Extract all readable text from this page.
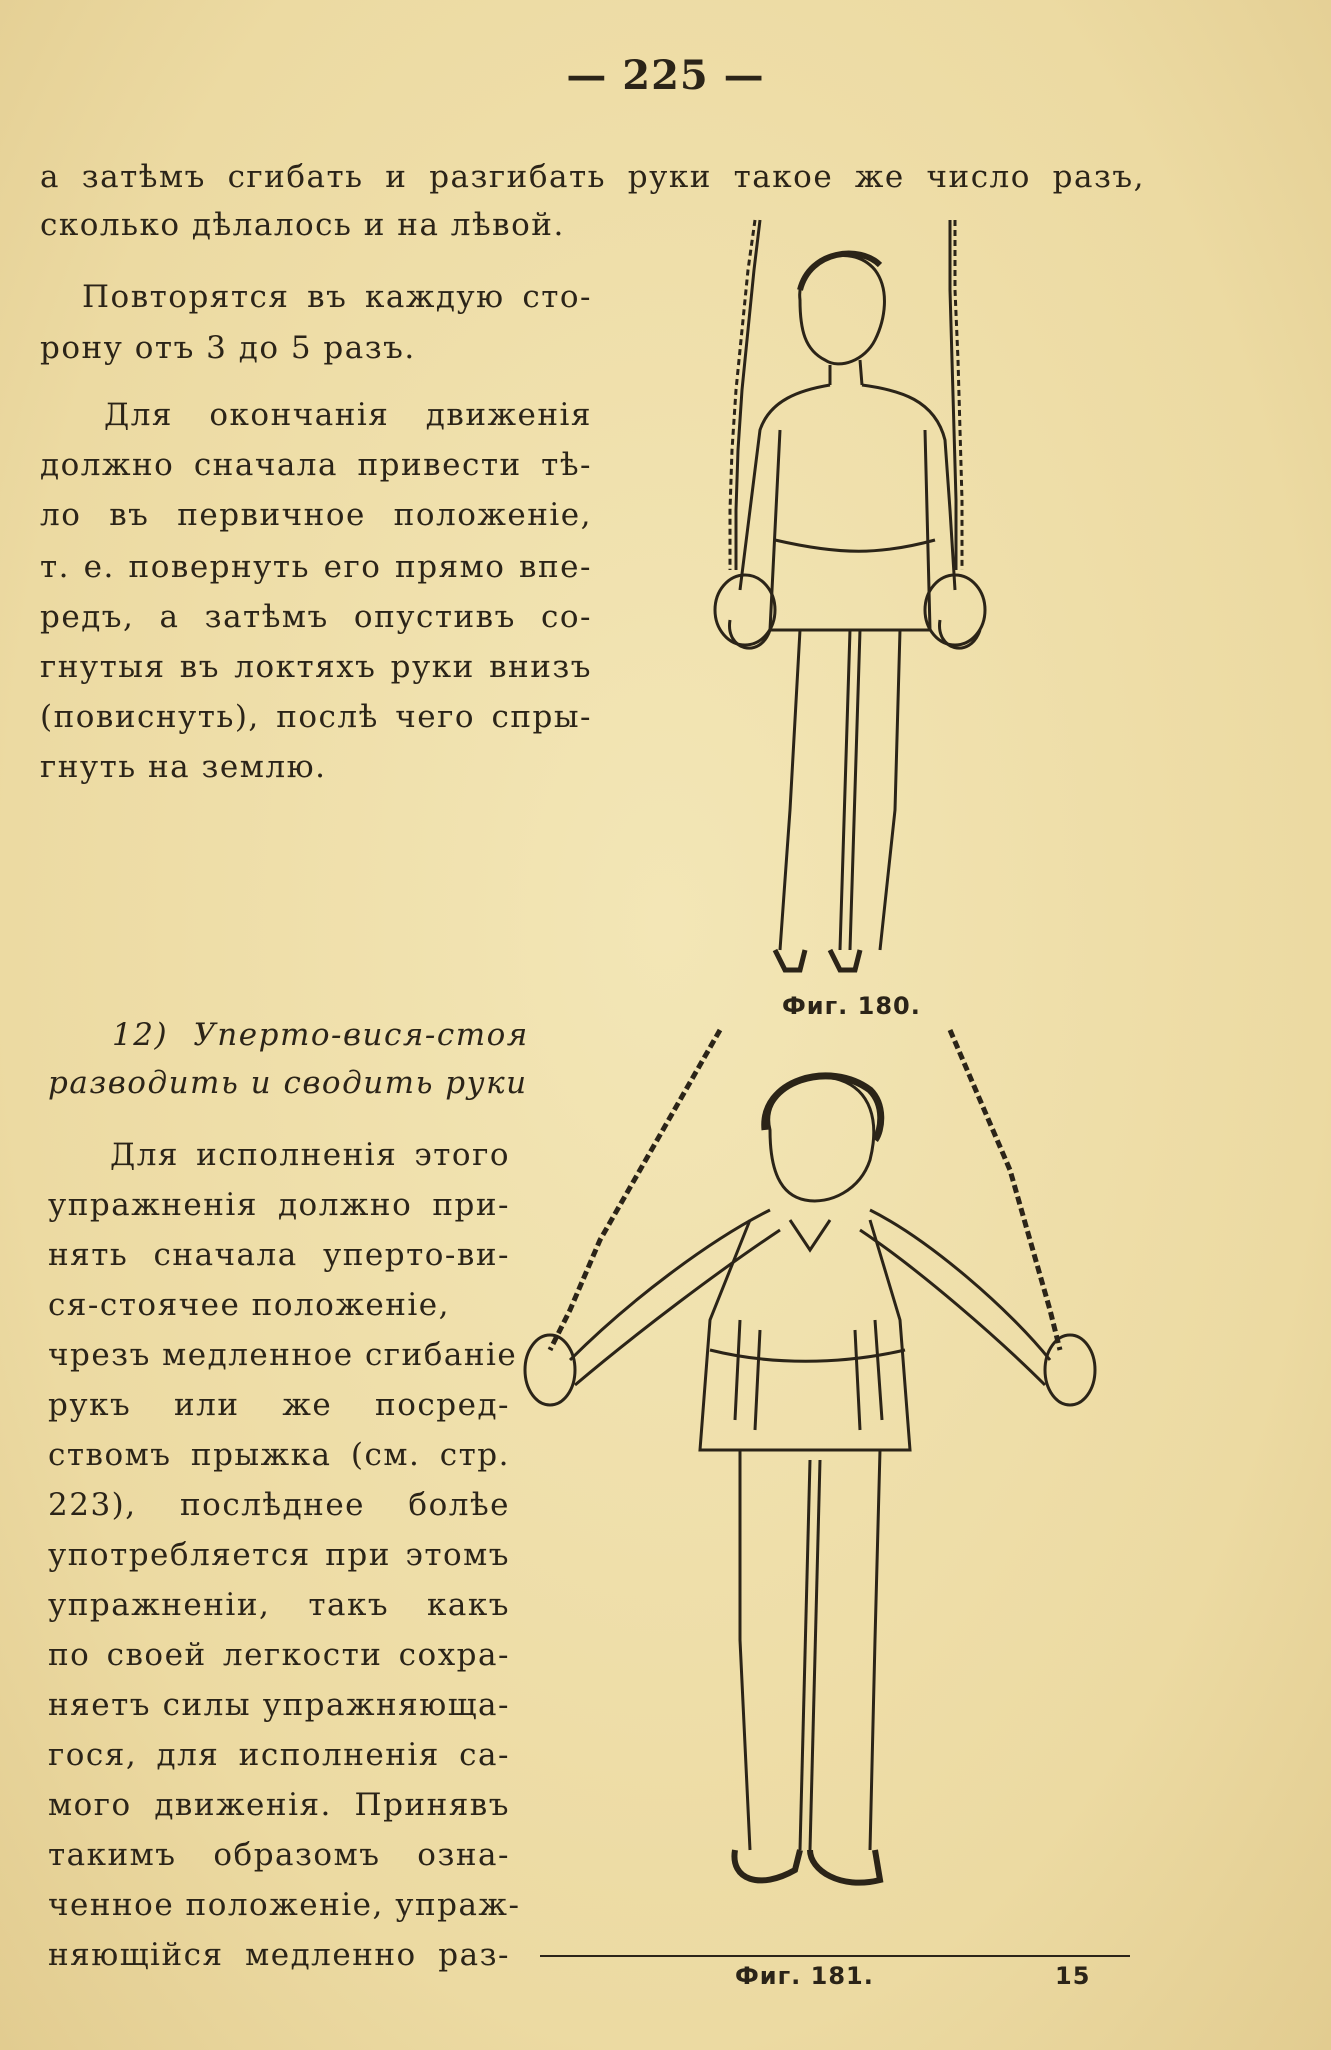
— 225 —
а затѣмъ сгибать и разгибать руки такое же число разъ,
сколько дѣлалось и на лѣвой.
Повторятся въ каждую сто-
рону отъ 3 до 5 разъ.
Для окончанія движенія
должно сначала привести тѣ-
ло въ первичное положеніе,
т. е. повернуть его прямо впе-
редъ, а затѣмъ опустивъ со-
гнутыя въ локтяхъ руки внизъ
(повиснуть), послѣ чего спры-
гнуть на землю.
Фиг. 180.
12) Уперто-вися-стоя
разводить и сводить руки
Для исполненія этого
упражненія должно при-
нять сначала уперто-ви-
ся-стоячее положеніе,
чрезъ медленное сгибаніе
рукъ или же посред-
ствомъ прыжка (см. стр.
223), послѣднее болѣе
употребляется при этомъ
упражненіи, такъ какъ
по своей легкости сохра-
няетъ силы упражняюща-
гося, для исполненія са-
мого движенія. Принявъ
такимъ образомъ озна-
ченное положеніе, упраж-
няющійся медленно раз-
Фиг. 181.	15
